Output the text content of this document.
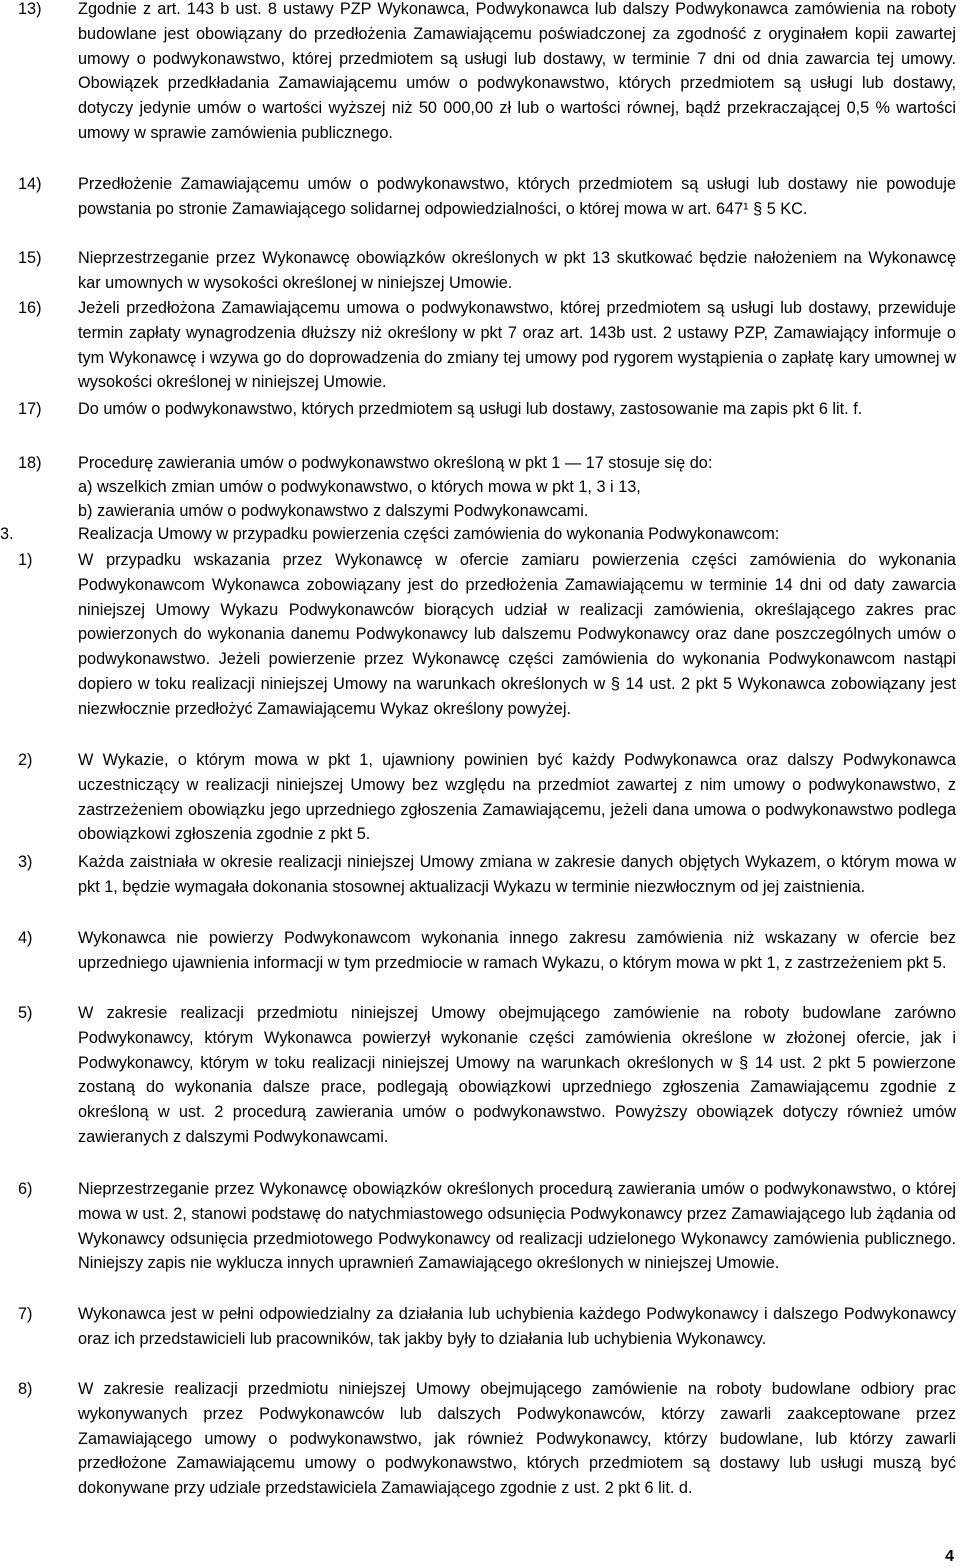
13) Zgodnie z art. 143 b ust. 8 ustawy PZP Wykonawca, Podwykonawca lub dalszy Podwykonawca zamówienia na roboty budowlane jest obowiązany do przedłożenia Zamawiającemu poświadczonej za zgodność z oryginałem kopii zawartej umowy o podwykonawstwo, której przedmiotem są usługi lub dostawy, w terminie 7 dni od dnia zawarcia tej umowy. Obowiązek przedkładania Zamawiającemu umów o podwykonawstwo, których przedmiotem są usługi lub dostawy, dotyczy jedynie umów o wartości wyższej niż 50 000,00 zł lub o wartości równej, bądź przekraczającej 0,5 % wartości umowy w sprawie zamówienia publicznego.
14) Przedłożenie Zamawiającemu umów o podwykonawstwo, których przedmiotem są usługi lub dostawy nie powoduje powstania po stronie Zamawiającego solidarnej odpowiedzialności, o której mowa w art. 647¹ § 5 KC.
15) Nieprzestrzeganie przez Wykonawcę obowiązków określonych w pkt 13 skutkować będzie nałożeniem na Wykonawcę kar umownych w wysokości określonej w niniejszej Umowie.
16) Jeżeli przedłożona Zamawiającemu umowa o podwykonawstwo, której przedmiotem są usługi lub dostawy, przewiduje termin zapłaty wynagrodzenia dłuższy niż określony w pkt 7 oraz art. 143b ust. 2 ustawy PZP, Zamawiający informuje o tym Wykonawcę i wzywa go do doprowadzenia do zmiany tej umowy pod rygorem wystąpienia o zapłatę kary umownej w wysokości określonej w niniejszej Umowie.
17) Do umów o podwykonawstwo, których przedmiotem są usługi lub dostawy, zastosowanie ma zapis pkt 6 lit. f.
18) Procedurę zawierania umów o podwykonawstwo określoną w pkt 1 — 17 stosuje się do:
a) wszelkich zmian umów o podwykonawstwo, o których mowa w pkt 1, 3 i 13,
b) zawierania umów o podwykonawstwo z dalszymi Podwykonawcami.
3.	Realizacja Umowy w przypadku powierzenia części zamówienia do wykonania Podwykonawcom:
1)	W przypadku wskazania przez Wykonawcę w ofercie zamiaru powierzenia części zamówienia do wykonania Podwykonawcom Wykonawca zobowiązany jest do przedłożenia Zamawiającemu w terminie 14 dni od daty zawarcia niniejszej Umowy Wykazu Podwykonawców biorących udział w realizacji zamówienia, określającego zakres prac powierzonych do wykonania danemu Podwykonawcy lub dalszemu Podwykonawcy oraz dane poszczególnych umów o podwykonawstwo. Jeżeli powierzenie przez Wykonawcę części zamówienia do wykonania Podwykonawcom nastąpi dopiero w toku realizacji niniejszej Umowy na warunkach określonych w § 14 ust. 2 pkt 5 Wykonawca zobowiązany jest niezwłocznie przedłożyć Zamawiającemu Wykaz określony powyżej.
2)	W Wykazie, o którym mowa w pkt 1, ujawniony powinien być każdy Podwykonawca oraz dalszy Podwykonawca uczestniczący w realizacji niniejszej Umowy bez względu na przedmiot zawartej z nim umowy o podwykonawstwo, z zastrzeżeniem obowiązku jego uprzedniego zgłoszenia Zamawiającemu, jeżeli dana umowa o podwykonawstwo podlega obowiązkowi zgłoszenia zgodnie z pkt 5.
3)	Każda zaistniała w okresie realizacji niniejszej Umowy zmiana w zakresie danych objętych Wykazem, o którym mowa w pkt 1, będzie wymagała dokonania stosownej aktualizacji Wykazu w terminie niezwłocznym od jej zaistnienia.
4)	Wykonawca nie powierzy Podwykonawcom wykonania innego zakresu zamówienia niż wskazany w ofercie bez uprzedniego ujawnienia informacji w tym przedmiocie w ramach Wykazu, o którym mowa w pkt 1, z zastrzeżeniem pkt 5.
5)	W zakresie realizacji przedmiotu niniejszej Umowy obejmującego zamówienie na roboty budowlane zarówno Podwykonawcy, którym Wykonawca powierzył wykonanie części zamówienia określone w złożonej ofercie, jak i Podwykonawcy, którym w toku realizacji niniejszej Umowy na warunkach określonych w § 14 ust. 2 pkt 5 powierzone zostaną do wykonania dalsze prace, podlegają obowiązkowi uprzedniego zgłoszenia Zamawiającemu zgodnie z określoną w ust. 2 procedurą zawierania umów o podwykonawstwo. Powyższy obowiązek dotyczy również umów zawieranych z dalszymi Podwykonawcami.
6)	Nieprzestrzeganie przez Wykonawcę obowiązków określonych procedurą zawierania umów o podwykonawstwo, o której mowa w ust. 2, stanowi podstawę do natychmiastowego odsunięcia Podwykonawcy przez Zamawiającego lub żądania od Wykonawcy odsunięcia przedmiotowego Podwykonawcy od realizacji udzielonego Wykonawcy zamówienia publicznego. Niniejszy zapis nie wyklucza innych uprawnień Zamawiającego określonych w niniejszej Umowie.
7)	Wykonawca jest w pełni odpowiedzialny za działania lub uchybienia każdego Podwykonawcy i dalszego Podwykonawcy oraz ich przedstawicieli lub pracowników, tak jakby były to działania lub uchybienia Wykonawcy.
8)	W zakresie realizacji przedmiotu niniejszej Umowy obejmującego zamówienie na roboty budowlane odbiory prac wykonywanych przez Podwykonawców lub dalszych Podwykonawców, którzy zawarli zaakceptowane przez Zamawiającego umowy o podwykonawstwo, jak również Podwykonawcy, którzy budowlane, lub którzy zawarli przedłożone Zamawiającemu umowy o podwykonawstwo, których przedmiotem są dostawy lub usługi muszą być dokonywane przy udziale przedstawiciela Zamawiającego zgodnie z ust. 2 pkt 6 lit. d.
4
